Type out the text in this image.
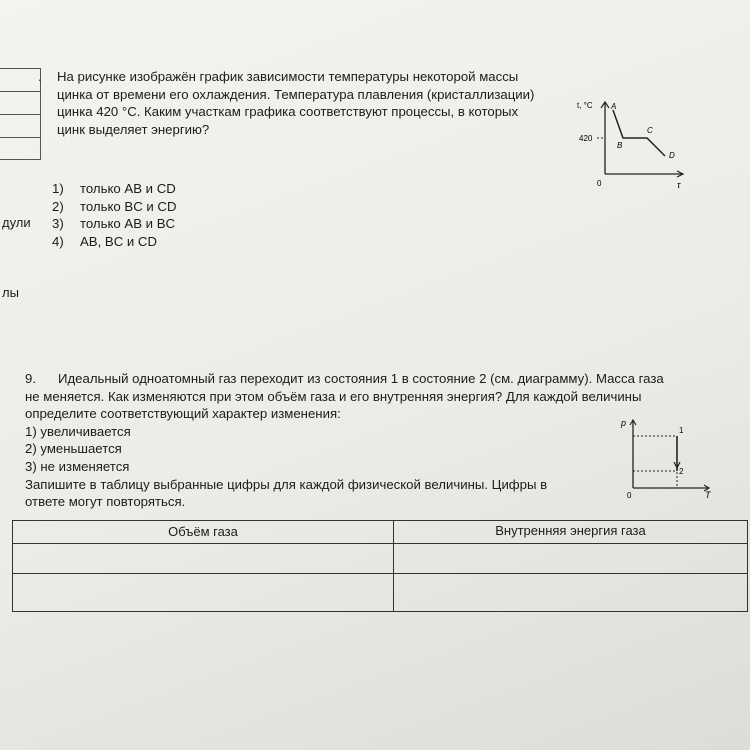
дули
лы
. На рисунке изображён график зависимости температуры некоторой массы
цинка от времени его охлаждения. Температура плавления (кристаллизации)
цинка 420 °С. Каким участкам графика соответствуют процессы, в которых
цинк выделяет энергию?
1)	только AB и CD
2)	только BC и CD
3)	только AB и BC
4)	AB, BC и CD
t, °C
τ
0
420
A
B
C
D
9. Идеальный одноатомный газ переходит из состояния 1 в состояние 2 (см. диаграмму). Масса газа
не меняется. Как изменяются при этом объём газа и его внутренняя энергия? Для каждой величины
определите соответствующий характер изменения:
1) увеличивается
2) уменьшается
3) не изменяется
Запишите в таблицу выбранные цифры для каждой физической величины. Цифры в
ответе могут повторяться.
p
T
0
1
2
Объём газа	Внутренняя энергия газа
